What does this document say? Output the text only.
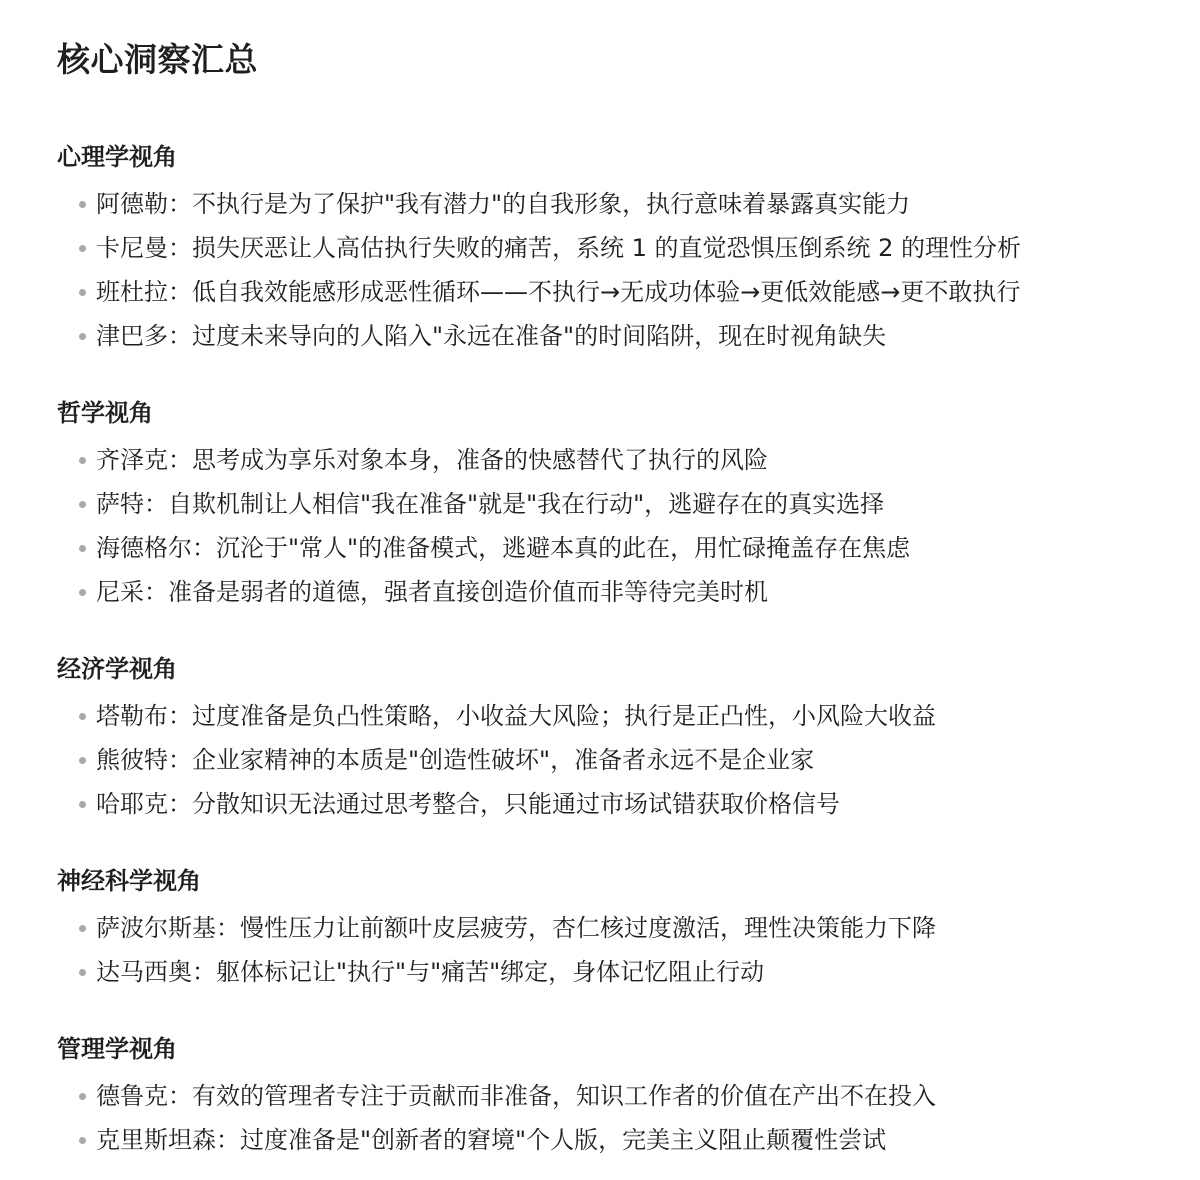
核心洞察汇总
心理学视角
阿德勒：不执行是为了保护"我有潜力"的自我形象，执行意味着暴露真实能力
卡尼曼：损失厌恶让人高估执行失败的痛苦，系统 1 的直觉恐惧压倒系统 2 的理性分析
班杜拉：低自我效能感形成恶性循环——不执行→无成功体验→更低效能感→更不敢执行
津巴多：过度未来导向的人陷入"永远在准备"的时间陷阱，现在时视角缺失
哲学视角
齐泽克：思考成为享乐对象本身，准备的快感替代了执行的风险
萨特：自欺机制让人相信"我在准备"就是"我在行动"，逃避存在的真实选择
海德格尔：沉沦于"常人"的准备模式，逃避本真的此在，用忙碌掩盖存在焦虑
尼采：准备是弱者的道德，强者直接创造价值而非等待完美时机
经济学视角
塔勒布：过度准备是负凸性策略，小收益大风险；执行是正凸性，小风险大收益
熊彼特：企业家精神的本质是"创造性破坏"，准备者永远不是企业家
哈耶克：分散知识无法通过思考整合，只能通过市场试错获取价格信号
神经科学视角
萨波尔斯基：慢性压力让前额叶皮层疲劳，杏仁核过度激活，理性决策能力下降
达马西奥：躯体标记让"执行"与"痛苦"绑定，身体记忆阻止行动
管理学视角
德鲁克：有效的管理者专注于贡献而非准备，知识工作者的价值在产出不在投入
克里斯坦森：过度准备是"创新者的窘境"个人版，完美主义阻止颠覆性尝试
